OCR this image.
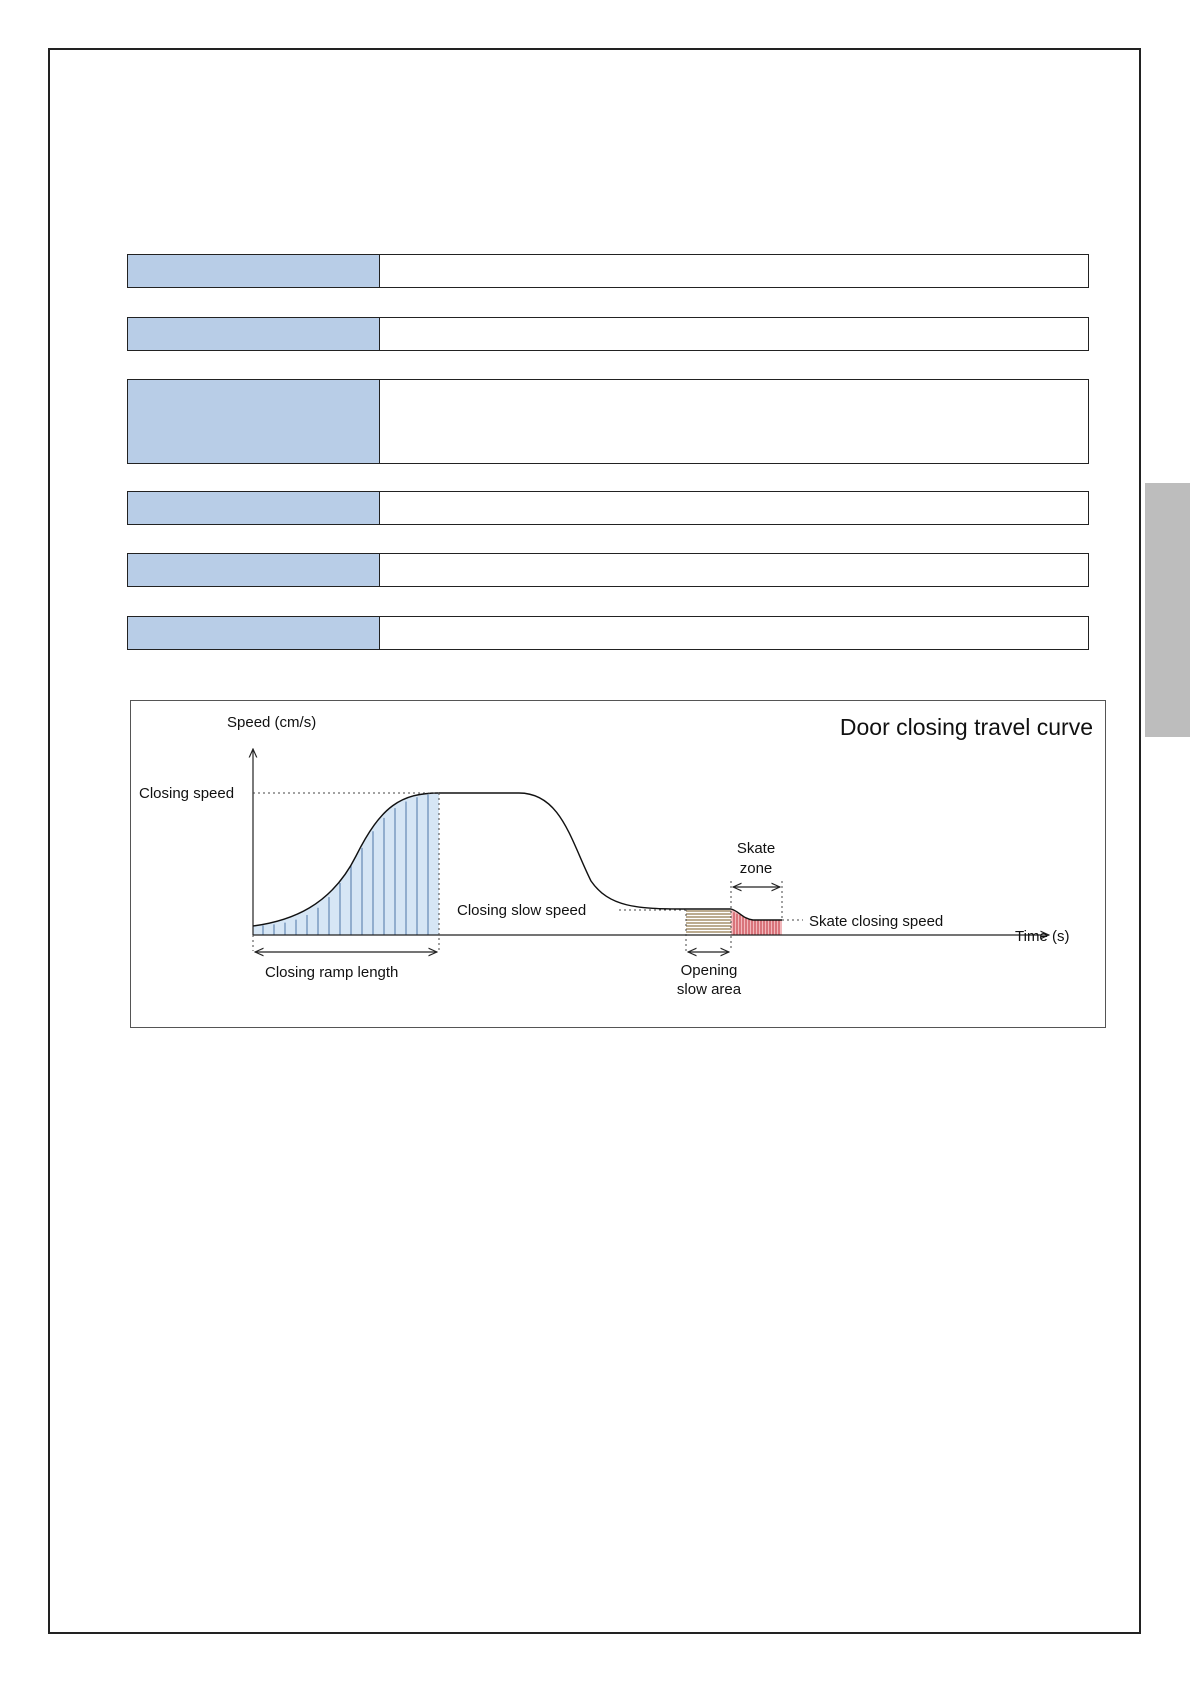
Door closing travel curve
Speed (cm/s)
Closing speed
Closing ramp length
Closing slow speed
Skate
zone
Skate closing speed
Opening
slow area
Time (s)
